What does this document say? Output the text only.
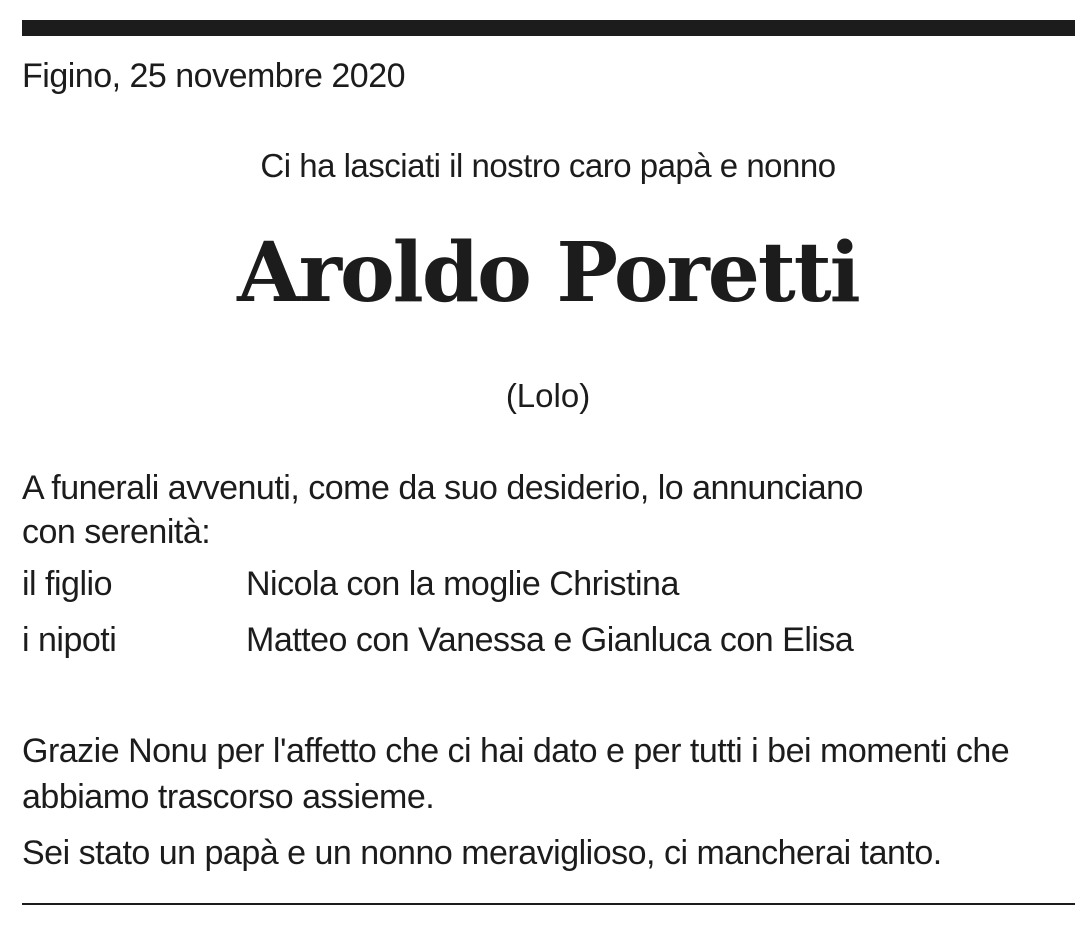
Figino, 25 novembre 2020
Ci ha lasciati il nostro caro papà e nonno
Aroldo Poretti
(Lolo)
A funerali avvenuti, come da suo desiderio, lo annunciano con serenità:
il figlio	Nicola con la moglie Christina
i nipoti	Matteo con Vanessa e Gianluca con Elisa
Grazie Nonu per l'affetto che ci hai dato e per tutti i bei momenti che abbiamo trascorso assieme.
Sei stato un papà e un nonno meraviglioso, ci mancherai tanto.
